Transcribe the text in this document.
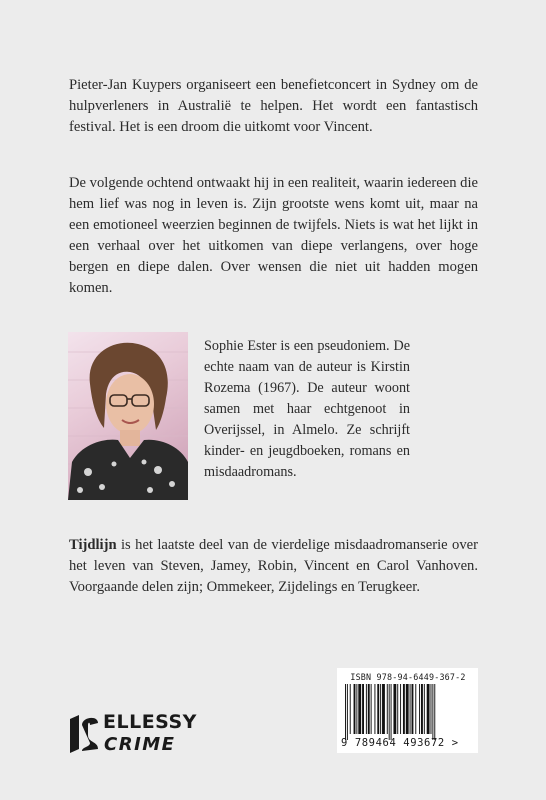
Pieter-Jan Kuypers organiseert een benefietconcert in Sydney om de hulpverleners in Australië te helpen. Het wordt een fantastisch festival. Het is een droom die uitkomt voor Vincent.

De volgende ochtend ontwaakt hij in een realiteit, waarin iedereen die hem lief was nog in leven is. Zijn grootste wens komt uit, maar na een emotioneel weerzien beginnen de twijfels. Niets is wat het lijkt in een verhaal over het uitkomen van diepe verlangens, over hoge bergen en diepe dalen. Over wensen die niet uit hadden mogen komen.

Sophie Ester is een pseudoniem. De echte naam van de auteur is Kirstin Rozema (1967). De auteur woont samen met haar echtgenoot in Overijssel, in Almelo. Ze schrijft kinder- en jeugdboeken, romans en misdaadromans.

Tijdlijn is het laatste deel van de vierdelige misdaadromanserie over het leven van Steven, Jamey, Robin, Vincent en Carol Vanhoven. Voorgaande delen zijn; Ommekeer, Zijdelings en Terugkeer.

ELLESSY
CRIME
ISBN 978-94-6449-367-2
9 789464 493672 >
